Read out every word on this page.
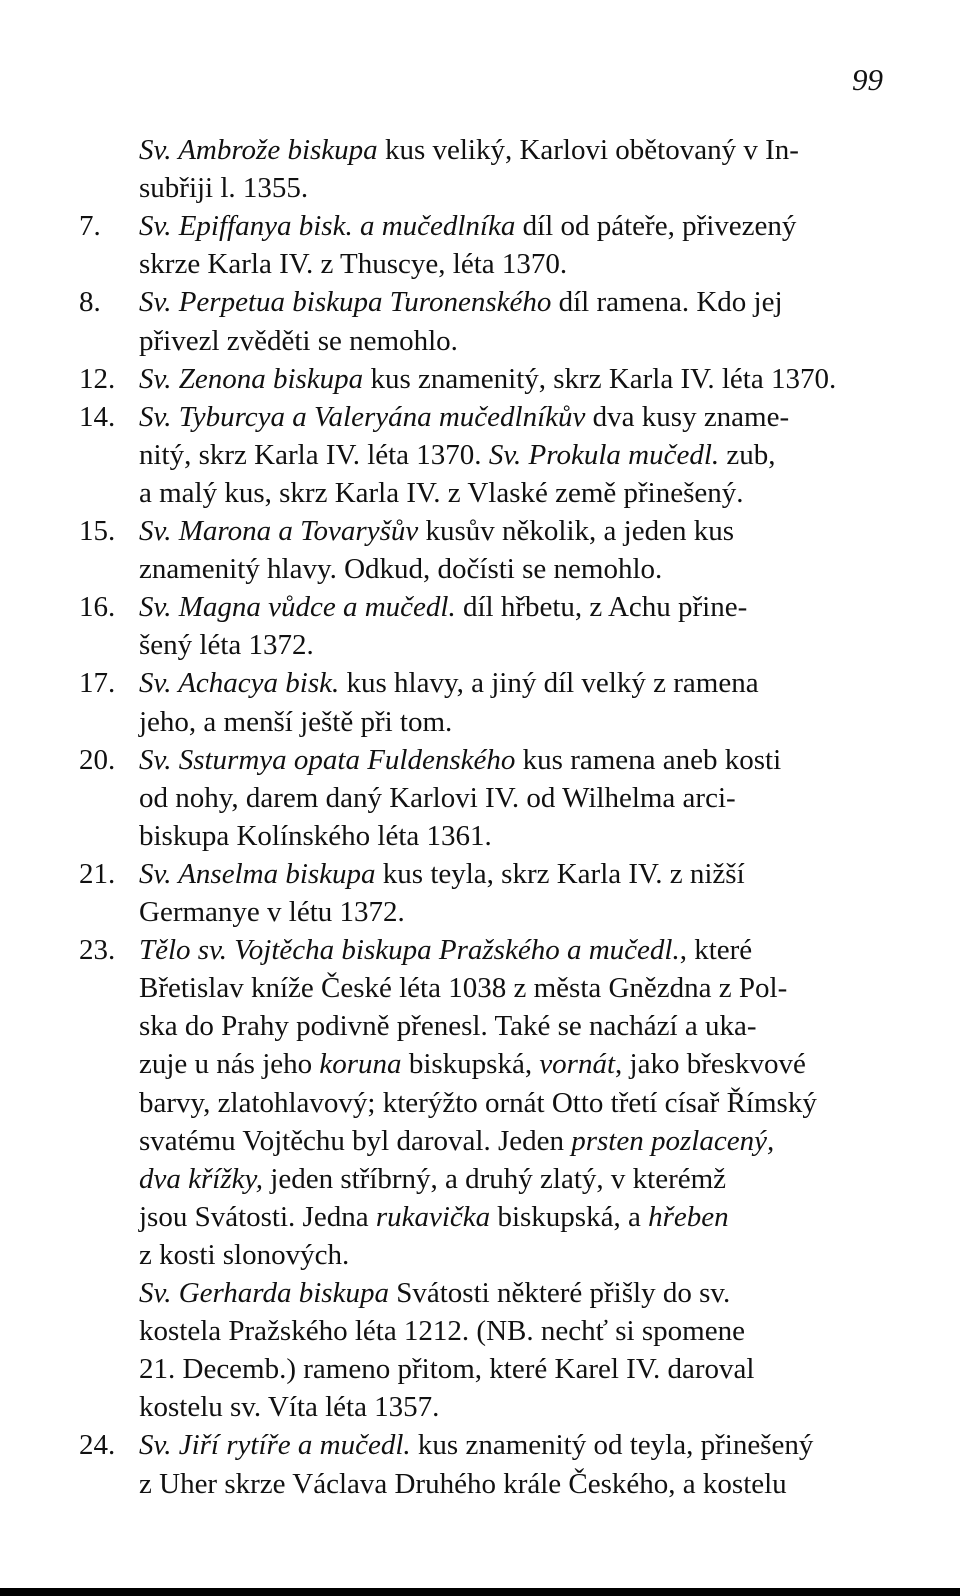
99
Sv. Ambrože biskupa kus veliký, Karlovi obětovaný v In-
subřiji l. 1355.
7.	Sv. Epiffanya bisk. a mučedlníka díl od páteře, přivezený
skrze Karla IV. z Thuscye, léta 1370.
8.	Sv. Perpetua biskupa Turonenského díl ramena. Kdo jej
přivezl zvěděti se nemohlo.
12. Sv. Zenona biskupa kus znamenitý, skrz Karla IV. léta 1370.
14. Sv. Tyburcya a Valeryána mučedlníkův dva kusy zname-
nitý, skrz Karla IV. léta 1370. Sv. Prokula mučedl. zub,
a malý kus, skrz Karla IV. z Vlaské země přinešený.
15. Sv. Marona a Tovaryšův kusův několik, a jeden kus
znamenitý hlavy. Odkud, dočísti se nemohlo.
16. Sv. Magna vůdce a mučedl. díl hřbetu, z Achu přine-
šený léta 1372.
17. Sv. Achacya bisk. kus hlavy, a jiný díl velký z ramena
jeho, a menší ještě při tom.
20. Sv. Ssturmya opata Fuldenského kus ramena aneb kosti
od nohy, darem daný Karlovi IV. od Wilhelma arci-
biskupa Kolínského léta 1361.
21. Sv. Anselma biskupa kus teyla, skrz Karla IV. z nižší
Germanye v létu 1372.
23. Tělo sv. Vojtěcha biskupa Pražského a mučedl., které
Břetislav kníže České léta 1038 z města Gnězdna z Pol-
ska do Prahy podivně přenesl. Také se nachází a uka-
zuje u nás jeho koruna biskupská, vornát, jako břeskvové
barvy, zlatohlavový; kterýžto ornát Otto třetí císař Římský
svatému Vojtěchu byl daroval. Jeden prsten pozlacený,
dva křížky, jeden stříbrný, a druhý zlatý, v kterémž
jsou Svátosti. Jedna rukavička biskupská, a hřeben
z kosti slonových.
Sv. Gerharda biskupa Svátosti některé přišly do sv.
kostela Pražského léta 1212. (NB. nechť si spomene
21. Decemb.) rameno přitom, které Karel IV. daroval
kostelu sv. Víta léta 1357.
24. Sv. Jiří rytíře a mučedl. kus znamenitý od teyla, přinešený
z Uher skrze Václava Druhého krále Českého, a kostelu
